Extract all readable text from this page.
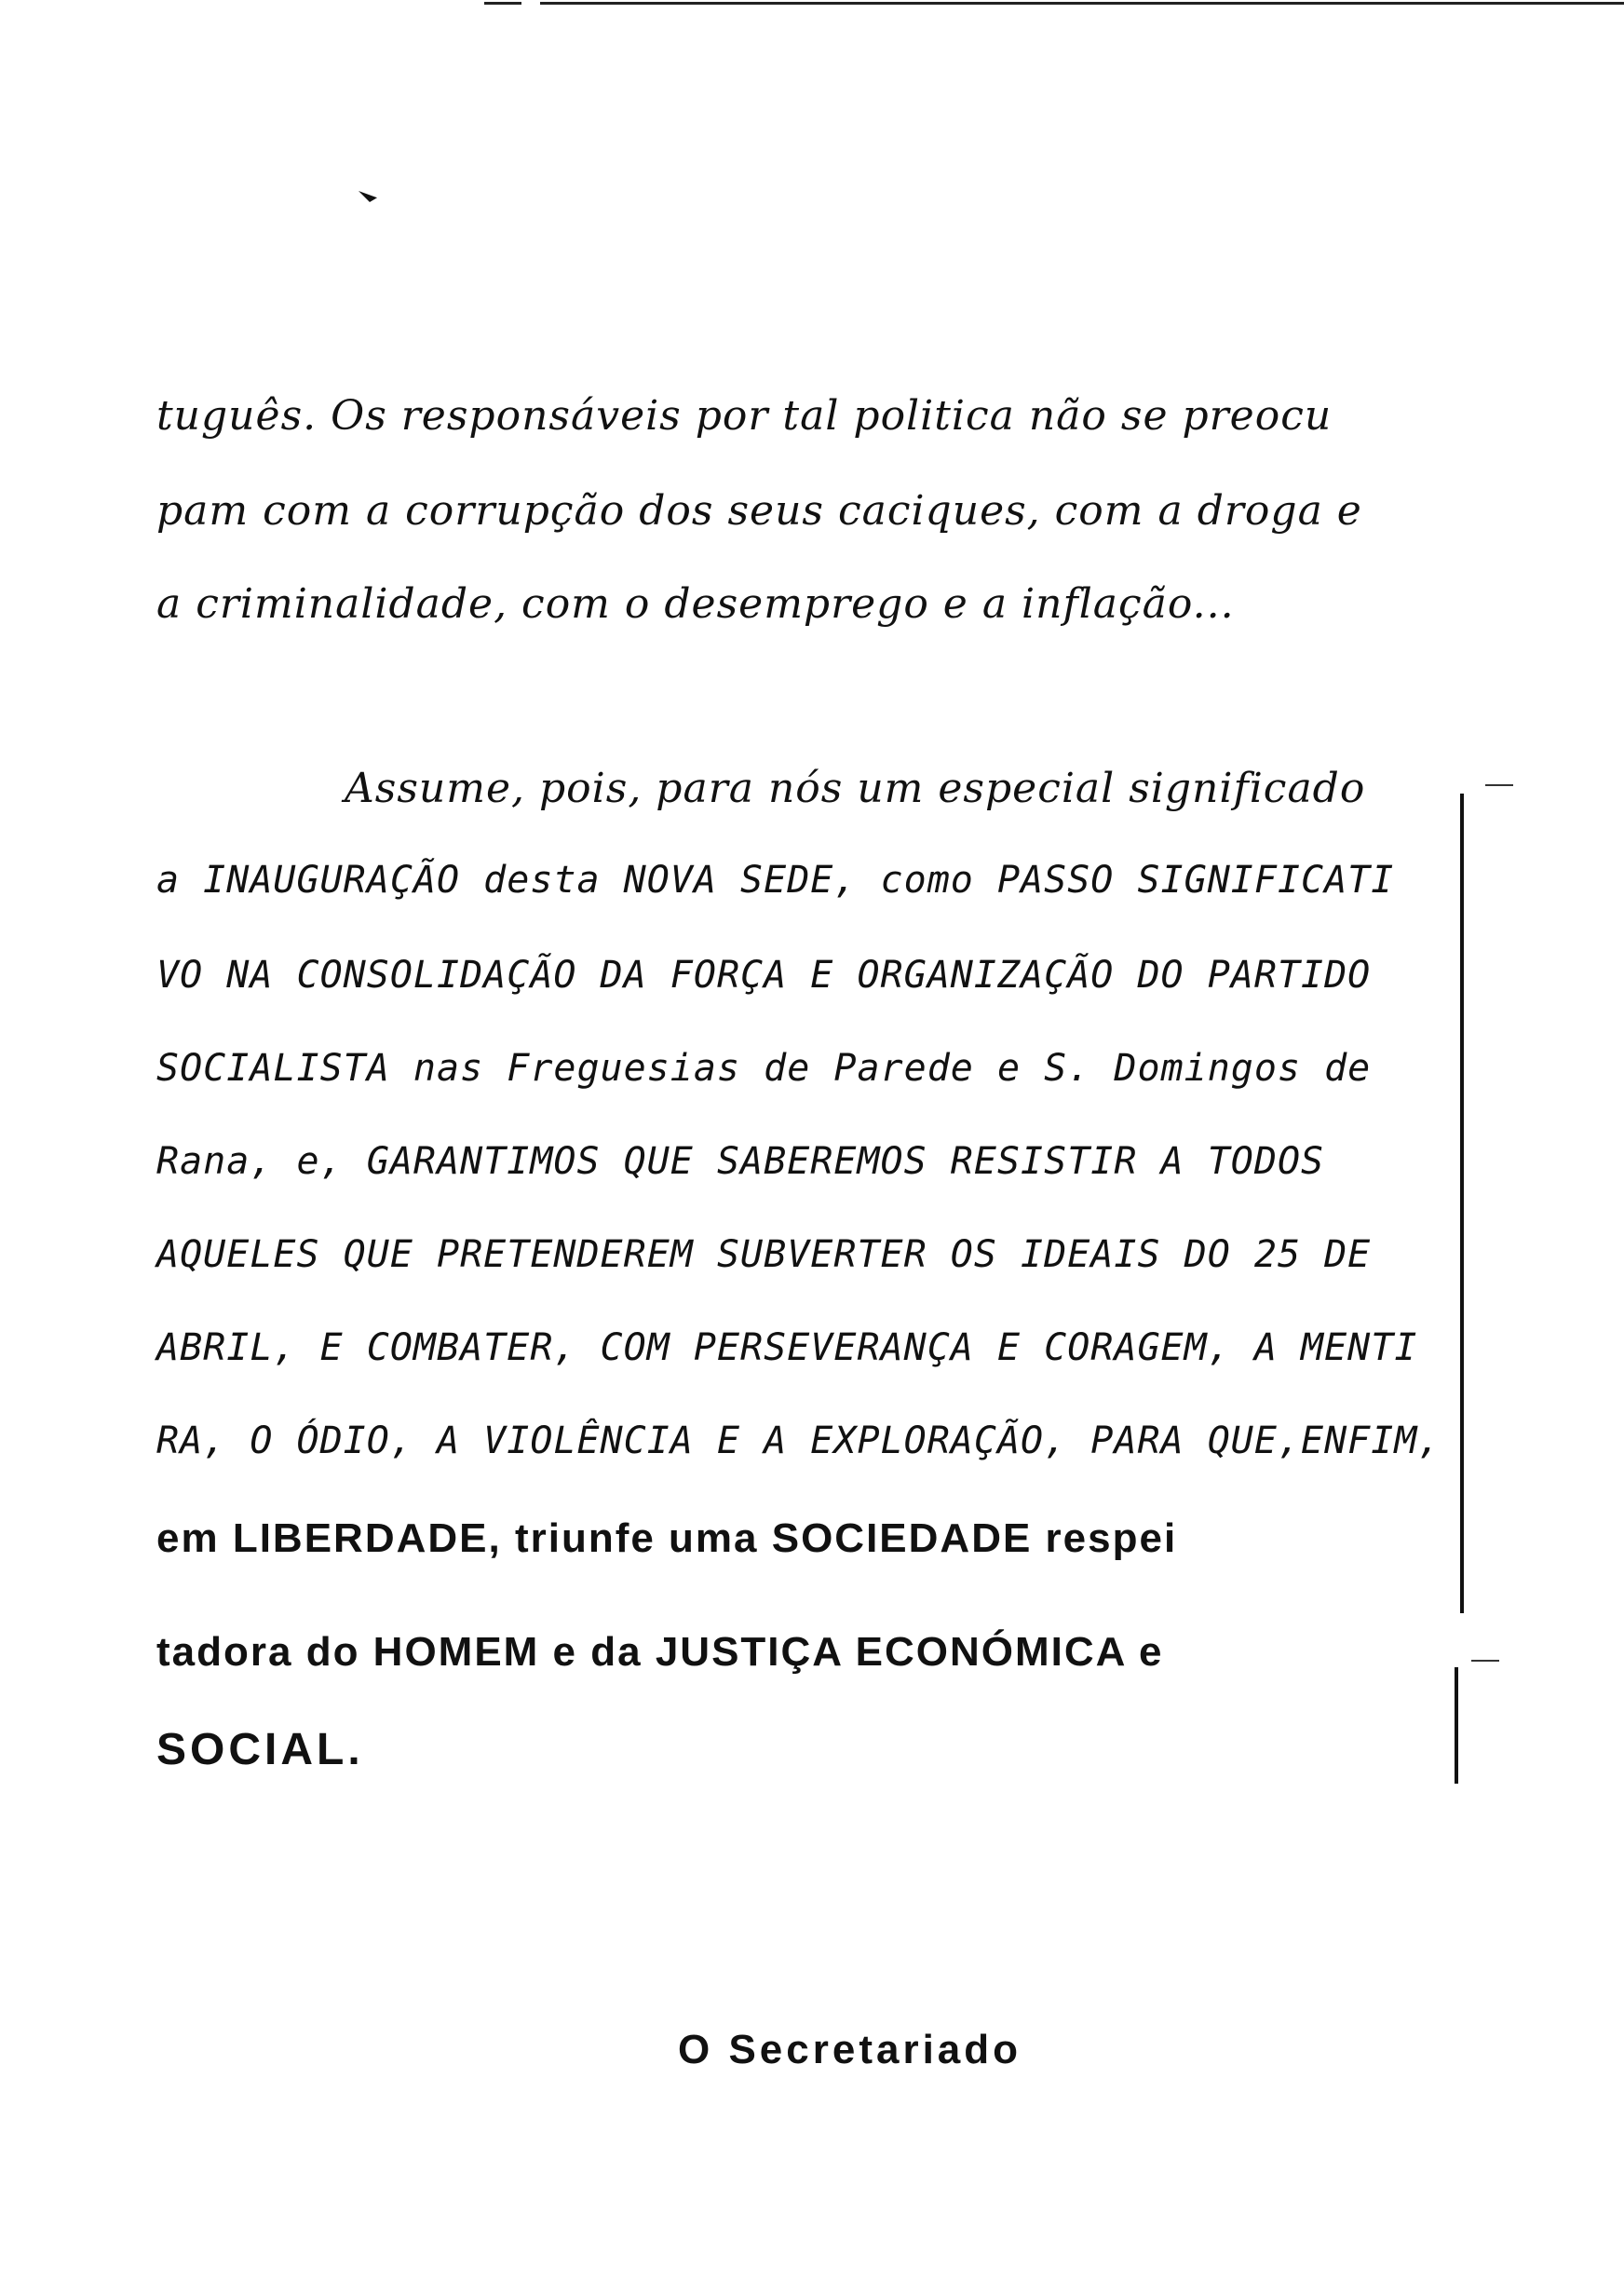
tuguês. Os responsáveis por tal politica não se preocu
pam com a corrupção dos seus caciques, com a droga e
a criminalidade, com o desemprego e a inflação...
Assume, pois, para nós um especial significado
a INAUGURAÇÃO desta NOVA SEDE, como PASSO SIGNIFICATI
VO NA CONSOLIDAÇÃO DA FORÇA E ORGANIZAÇÃO DO PARTIDO
SOCIALISTA nas Freguesias de Parede e S. Domingos de
Rana, e, GARANTIMOS QUE SABEREMOS RESISTIR A TODOS
AQUELES QUE PRETENDEREM SUBVERTER OS IDEAIS DO 25 DE
ABRIL, E COMBATER, COM PERSEVERANÇA E CORAGEM, A MENTI
RA, O ÓDIO, A VIOLÊNCIA E A EXPLORAÇÃO, PARA QUE,ENFIM,
em LIBERDADE, triunfe uma SOCIEDADE respei
tadora do HOMEM e da JUSTIÇA ECONÓMICA e
SOCIAL.
O Secretariado
